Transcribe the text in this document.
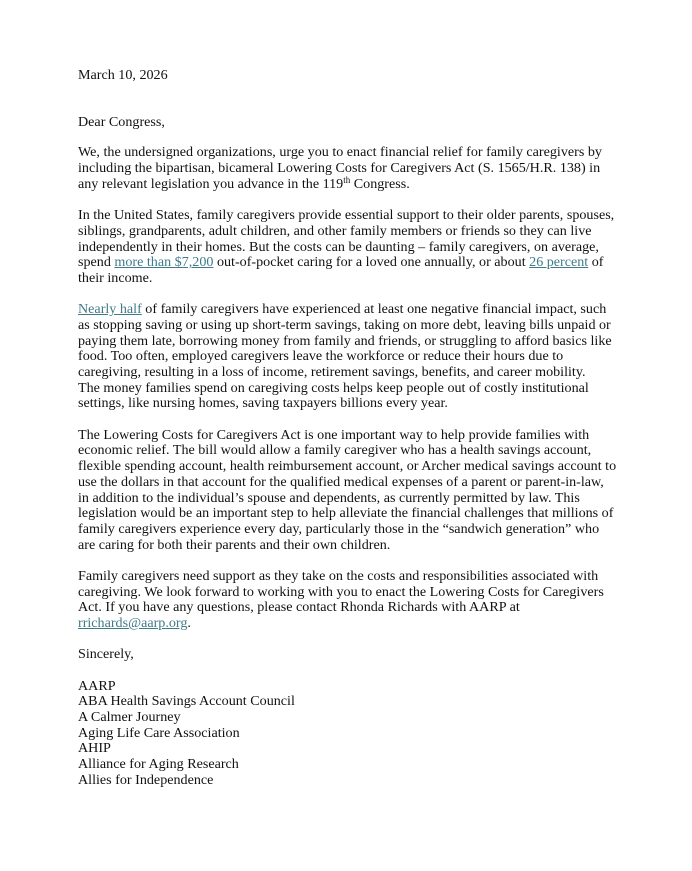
March 10, 2026

Dear Congress,

We, the undersigned organizations, urge you to enact financial relief for family caregivers by including the bipartisan, bicameral Lowering Costs for Caregivers Act (S. 1565/H.R. 138) in any relevant legislation you advance in the 119th Congress.

In the United States, family caregivers provide essential support to their older parents, spouses, siblings, grandparents, adult children, and other family members or friends so they can live independently in their homes. But the costs can be daunting – family caregivers, on average, spend more than $7,200 out-of-pocket caring for a loved one annually, or about 26 percent of their income.

Nearly half of family caregivers have experienced at least one negative financial impact, such as stopping saving or using up short-term savings, taking on more debt, leaving bills unpaid or paying them late, borrowing money from family and friends, or struggling to afford basics like food. Too often, employed caregivers leave the workforce or reduce their hours due to caregiving, resulting in a loss of income, retirement savings, benefits, and career mobility.
The money families spend on caregiving costs helps keep people out of costly institutional settings, like nursing homes, saving taxpayers billions every year.

The Lowering Costs for Caregivers Act is one important way to help provide families with economic relief. The bill would allow a family caregiver who has a health savings account, flexible spending account, health reimbursement account, or Archer medical savings account to use the dollars in that account for the qualified medical expenses of a parent or parent-in-law, in addition to the individual’s spouse and dependents, as currently permitted by law. This legislation would be an important step to help alleviate the financial challenges that millions of family caregivers experience every day, particularly those in the “sandwich generation” who are caring for both their parents and their own children.

Family caregivers need support as they take on the costs and responsibilities associated with caregiving. We look forward to working with you to enact the Lowering Costs for Caregivers Act. If you have any questions, please contact Rhonda Richards with AARP at rrichards@aarp.org.

Sincerely,

AARP
ABA Health Savings Account Council
A Calmer Journey
Aging Life Care Association
AHIP
Alliance for Aging Research
Allies for Independence
